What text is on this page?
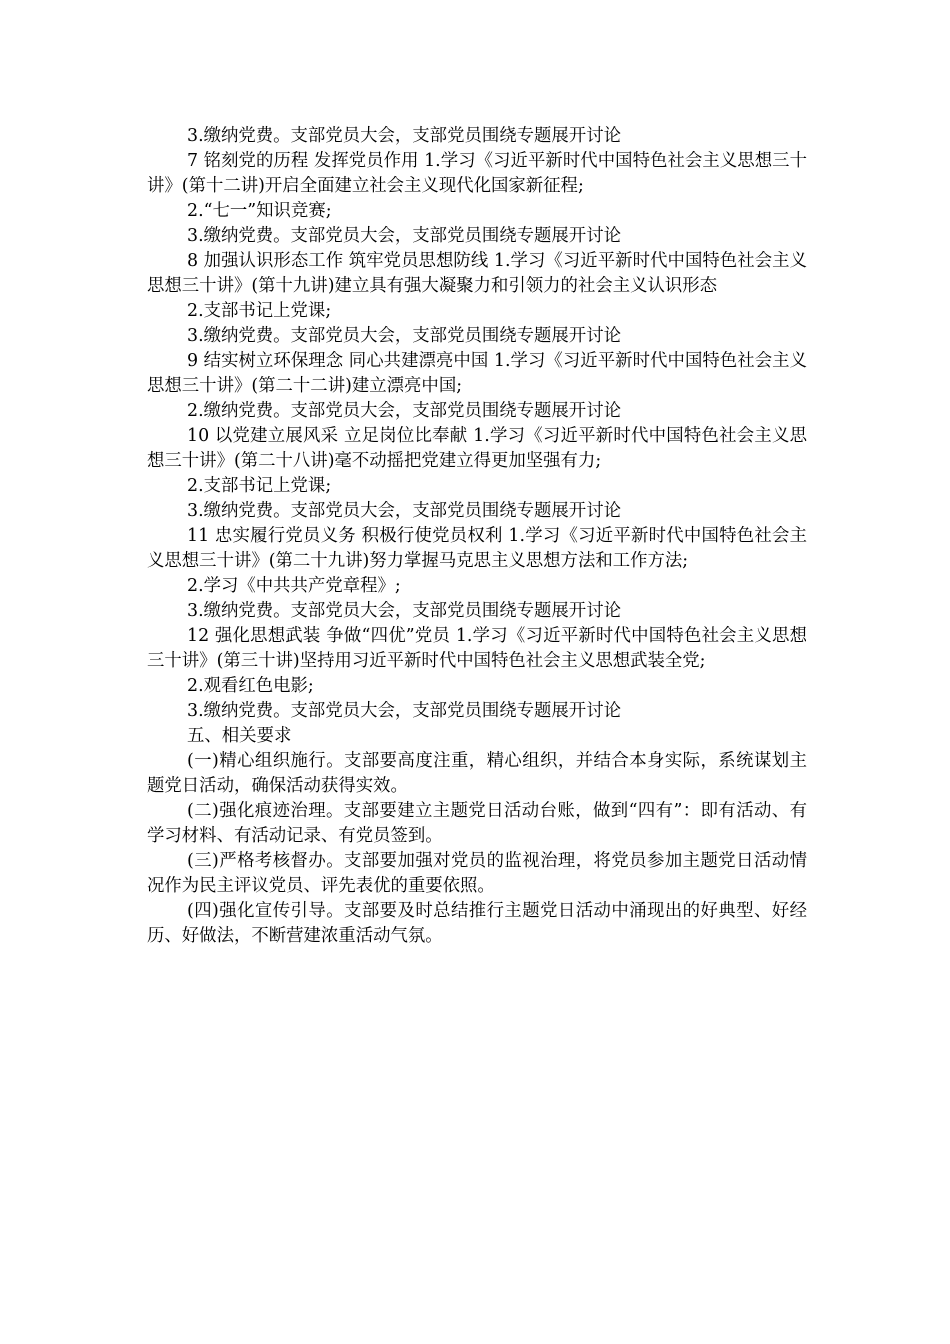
3.缴纳党费。支部党员大会，支部党员围绕专题展开讨论

7 铭刻党的历程 发挥党员作用 1.学习《习近平新时代中国特色社会主义思想三十讲》(第十二讲)开启全面建立社会主义现代化国家新征程;

2.“七一”知识竞赛;

3.缴纳党费。支部党员大会，支部党员围绕专题展开讨论

8 加强认识形态工作 筑牢党员思想防线 1.学习《习近平新时代中国特色社会主义思想三十讲》(第十九讲)建立具有强大凝聚力和引领力的社会主义认识形态

2.支部书记上党课;

3.缴纳党费。支部党员大会，支部党员围绕专题展开讨论

9 结实树立环保理念 同心共建漂亮中国 1.学习《习近平新时代中国特色社会主义思想三十讲》(第二十二讲)建立漂亮中国;

2.缴纳党费。支部党员大会，支部党员围绕专题展开讨论

10 以党建立展风采 立足岗位比奉献 1.学习《习近平新时代中国特色社会主义思想三十讲》(第二十八讲)毫不动摇把党建立得更加坚强有力;

2.支部书记上党课;

3.缴纳党费。支部党员大会，支部党员围绕专题展开讨论

11 忠实履行党员义务 积极行使党员权利 1.学习《习近平新时代中国特色社会主义思想三十讲》(第二十九讲)努力掌握马克思主义思想方法和工作方法;

2.学习《中共共产党章程》;

3.缴纳党费。支部党员大会，支部党员围绕专题展开讨论

12 强化思想武装 争做“四优”党员 1.学习《习近平新时代中国特色社会主义思想三十讲》(第三十讲)坚持用习近平新时代中国特色社会主义思想武装全党;

2.观看红色电影;

3.缴纳党费。支部党员大会，支部党员围绕专题展开讨论

五、相关要求

(一)精心组织施行。支部要高度注重，精心组织，并结合本身实际，系统谋划主题党日活动，确保活动获得实效。

(二)强化痕迹治理。支部要建立主题党日活动台账，做到“四有”：即有活动、有学习材料、有活动记录、有党员签到。

(三)严格考核督办。支部要加强对党员的监视治理，将党员参加主题党日活动情况作为民主评议党员、评先表优的重要依照。

(四)强化宣传引导。支部要及时总结推行主题党日活动中涌现出的好典型、好经历、好做法，不断营建浓重活动气氛。
